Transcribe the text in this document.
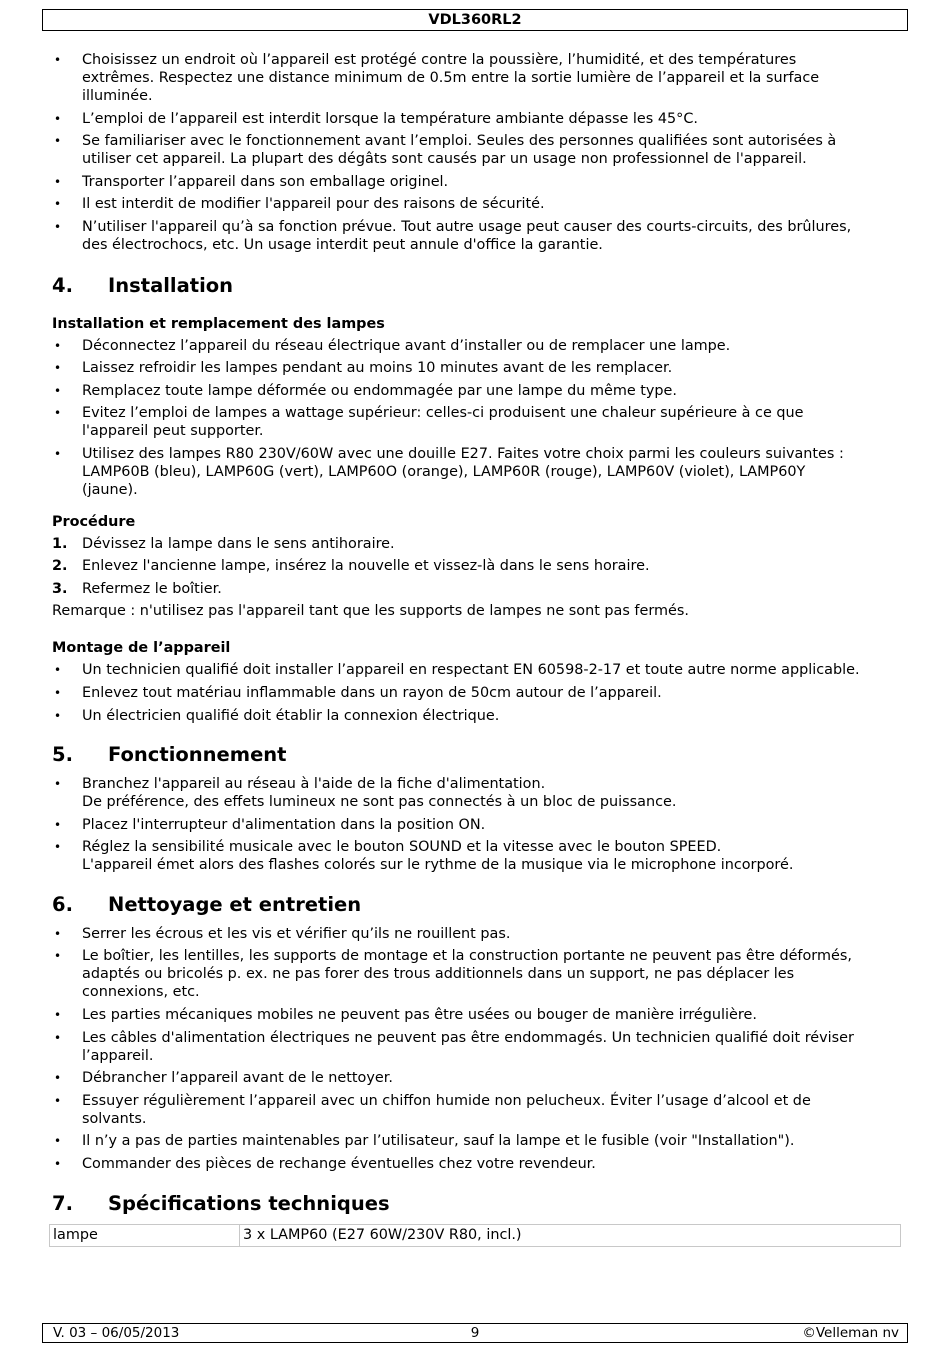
VDL360RL2
• Choisissez un endroit où l’appareil est protégé contre la poussière, l’humidité, et des températures
extrêmes. Respectez une distance minimum de 0.5m entre la sortie lumière de l’appareil et la surface
illuminée.
• L’emploi de l’appareil est interdit lorsque la température ambiante dépasse les 45°C.
• Se familiariser avec le fonctionnement avant l’emploi. Seules des personnes qualifiées sont autorisées à
utiliser cet appareil. La plupart des dégâts sont causés par un usage non professionnel de l'appareil.
• Transporter l’appareil dans son emballage originel.
• Il est interdit de modifier l'appareil pour des raisons de sécurité.
• N’utiliser l'appareil qu’à sa fonction prévue. Tout autre usage peut causer des courts-circuits, des brûlures,
des électrochocs, etc. Un usage interdit peut annule d'office la garantie.
4.	Installation
Installation et remplacement des lampes
• Déconnectez l’appareil du réseau électrique avant d’installer ou de remplacer une lampe.
• Laissez refroidir les lampes pendant au moins 10 minutes avant de les remplacer.
• Remplacez toute lampe déformée ou endommagée par une lampe du même type.
• Evitez l’emploi de lampes a wattage supérieur: celles-ci produisent une chaleur supérieure à ce que
l'appareil peut supporter.
• Utilisez des lampes R80 230V/60W avec une douille E27. Faites votre choix parmi les couleurs suivantes :
LAMP60B (bleu), LAMP60G (vert), LAMP60O (orange), LAMP60R (rouge), LAMP60V (violet), LAMP60Y
(jaune).
Procédure
1. Dévissez la lampe dans le sens antihoraire.
2. Enlevez l'ancienne lampe, insérez la nouvelle et vissez-là dans le sens horaire.
3. Refermez le boîtier.
Remarque : n'utilisez pas l'appareil tant que les supports de lampes ne sont pas fermés.
Montage de l’appareil
• Un technicien qualifié doit installer l’appareil en respectant EN 60598-2-17 et toute autre norme applicable.
• Enlevez tout matériau inflammable dans un rayon de 50cm autour de l’appareil.
• Un électricien qualifié doit établir la connexion électrique.
5.	Fonctionnement
• Branchez l'appareil au réseau à l'aide de la fiche d'alimentation.
De préférence, des effets lumineux ne sont pas connectés à un bloc de puissance.
• Placez l'interrupteur d'alimentation dans la position ON.
• Réglez la sensibilité musicale avec le bouton SOUND et la vitesse avec le bouton SPEED.
L'appareil émet alors des flashes colorés sur le rythme de la musique via le microphone incorporé.
6.	Nettoyage et entretien
• Serrer les écrous et les vis et vérifier qu’ils ne rouillent pas.
• Le boîtier, les lentilles, les supports de montage et la construction portante ne peuvent pas être déformés,
adaptés ou bricolés p. ex. ne pas forer des trous additionnels dans un support, ne pas déplacer les
connexions, etc.
• Les parties mécaniques mobiles ne peuvent pas être usées ou bouger de manière irrégulière.
• Les câbles d'alimentation électriques ne peuvent pas être endommagés. Un technicien qualifié doit réviser
l’appareil.
• Débrancher l’appareil avant de le nettoyer.
• Essuyer régulièrement l’appareil avec un chiffon humide non pelucheux. Éviter l’usage d’alcool et de
solvants.
• Il n’y a pas de parties maintenables par l’utilisateur, sauf la lampe et le fusible (voir "Installation").
• Commander des pièces de rechange éventuelles chez votre revendeur.
7.	Spécifications techniques
lampe	3 x LAMP60 (E27 60W/230V R80, incl.)
V. 03 – 06/05/2013	9	©Velleman nv
